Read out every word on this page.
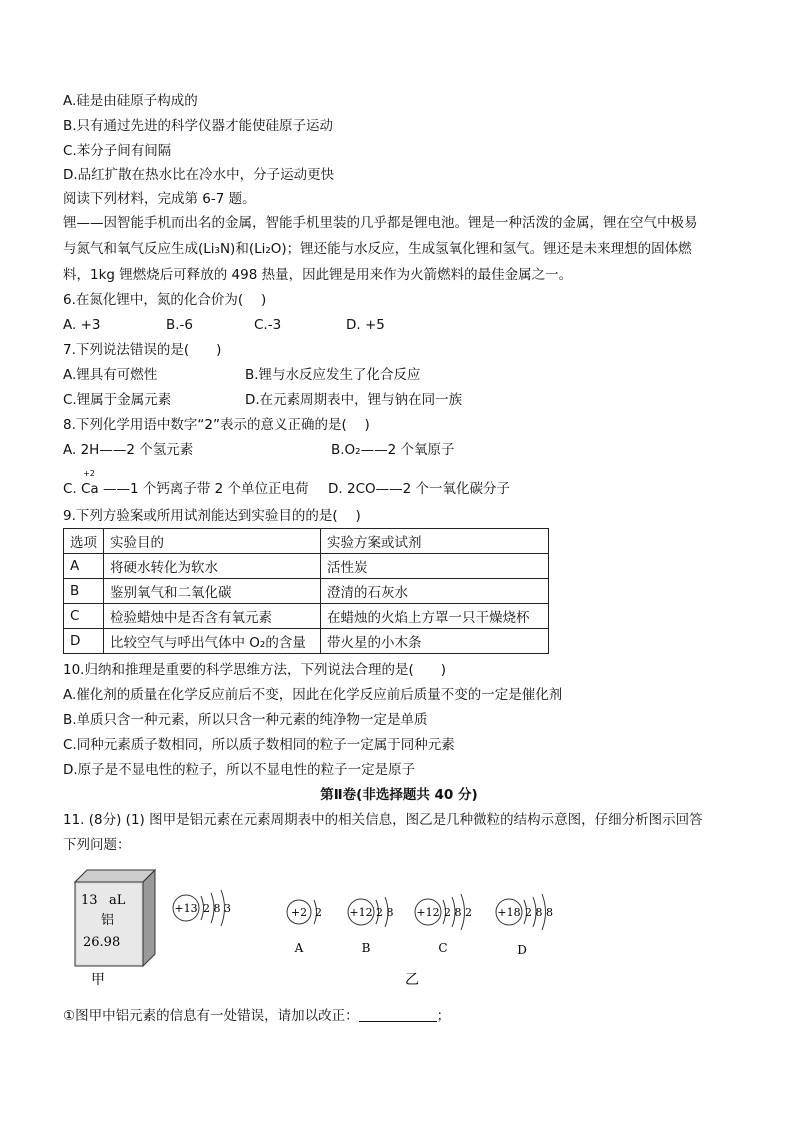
A.硅是由硅原子构成的
B.只有通过先进的科学仪器才能使硅原子运动
C.苯分子间有间隔
D.品红扩散在热水比在冷水中，分子运动更快
阅读下列材料，完成第 6-7 题。
锂——因智能手机而出名的金属，智能手机里装的几乎都是锂电池。锂是一种活泼的金属，锂在空气中极易
与氮气和氧气反应生成(Li₃N)和(Li₂O)；锂还能与水反应，生成氢氧化锂和氢气。锂还是未来理想的固体燃
料，1kg 锂燃烧后可释放的 498 热量，因此锂是用来作为火箭燃料的最佳金属之一。
6.在氮化锂中，氮的化合价为(　 )
A. +3	B.-6	C.-3	D. +5
7.下列说法错误的是(　　)
A.锂具有可燃性	B.锂与水反应发生了化合反应
C.锂属于金属元素	D.在元素周期表中，锂与钠在同一族
8.下列化学用语中数字“2”表示的意义正确的是(　 )
A. 2H——2 个氢元素	B.O₂——2 个氧原子
+2
C. Ca ——1 个钙离子带 2 个单位正电荷 D. 2CO——2 个一氧化碳分子
9.下列方验案或所用试剂能达到实验目的的是(　 )
选项	实验目的	实验方案或试剂
A	将硬水转化为软水	活性炭
B	鉴别氧气和二氧化碳	澄清的石灰水
C	检验蜡烛中是否含有氧元素	在蜡烛的火焰上方罩一只干燥烧杯
D	比较空气与呼出气体中 O₂的含量	带火星的小木条
10.归纳和推理是重要的科学思维方法，下列说法合理的是(　　)
A.催化剂的质量在化学反应前后不变，因此在化学反应前后质量不变的一定是催化剂
B.单质只含一种元素，所以只含一种元素的纯净物一定是单质
C.同种元素质子数相同，所以质子数相同的粒子一定属于同种元素
D.原子是不显电性的粒子，所以不显电性的粒子一定是原子
第Ⅱ卷(非选择题共 40 分)
11. (8分) (1) 图甲是铝元素在元素周期表中的相关信息，图乙是几种微粒的结构示意图，仔细分析图示回答
下列问题：
13 aL
铝
26.98
甲
+13 2 8 3	+2 2
A
+12 2 8
B
+12 2 8 2
C
+18 2 8 8
D
乙
①图甲中铝元素的信息有一处错误，请加以改正：	；
